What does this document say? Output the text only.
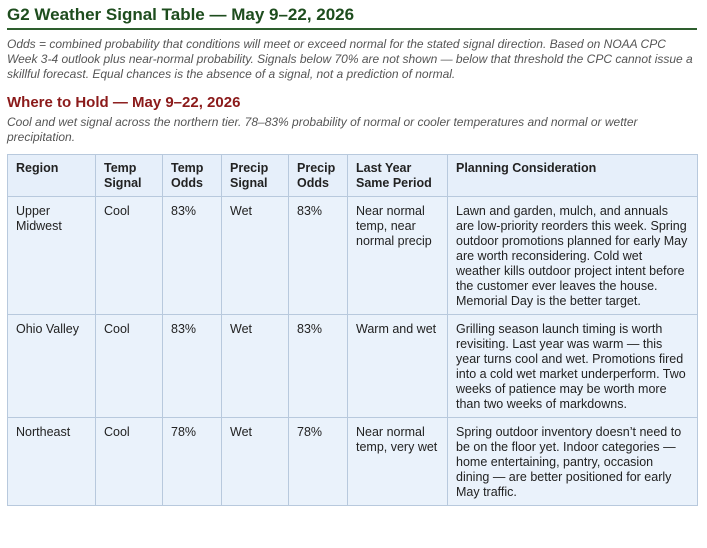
G2 Weather Signal Table — May 9–22, 2026
Odds = combined probability that conditions will meet or exceed normal for the stated signal direction. Based on NOAA CPC Week 3-4 outlook plus near-normal probability. Signals below 70% are not shown — below that threshold the CPC cannot issue a skillful forecast. Equal chances is the absence of a signal, not a prediction of normal.
Where to Hold — May 9–22, 2026
Cool and wet signal across the northern tier. 78–83% probability of normal or cooler temperatures and normal or wetter precipitation.
Region	Temp Signal	Temp Odds	Precip Signal	Precip Odds	Last Year Same Period	Planning Consideration
Upper Midwest	Cool	83%	Wet	83%	Near normal temp, near normal precip	Lawn and garden, mulch, and annuals are low-priority reorders this week. Spring outdoor promotions planned for early May are worth reconsidering. Cold wet weather kills outdoor project intent before the customer ever leaves the house. Memorial Day is the better target.
Ohio Valley	Cool	83%	Wet	83%	Warm and wet	Grilling season launch timing is worth revisiting. Last year was warm — this year turns cool and wet. Promotions fired into a cold wet market underperform. Two weeks of patience may be worth more than two weeks of markdowns.
Northeast	Cool	78%	Wet	78%	Near normal temp, very wet	Spring outdoor inventory doesn’t need to be on the floor yet. Indoor categories — home entertaining, pantry, occasion dining — are better positioned for early May traffic.
